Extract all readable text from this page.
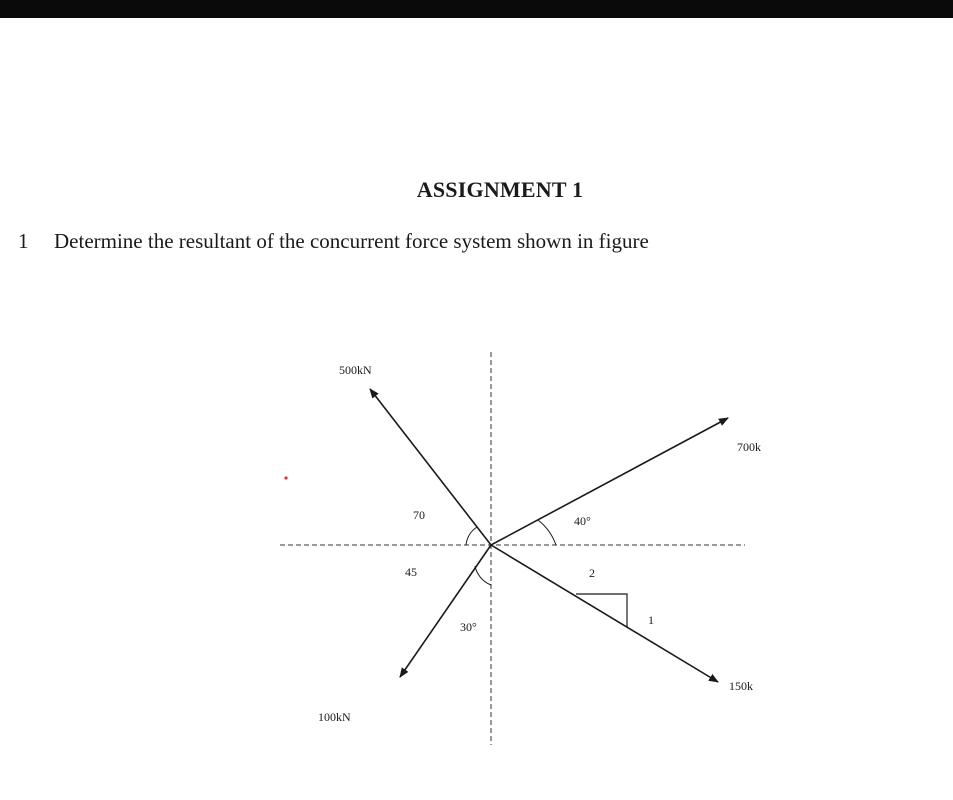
ASSIGNMENT 1
1 Determine the resultant of the concurrent force system shown in figure
500kN
700k
100kN
150k
70
45
30°
40°
2
1
